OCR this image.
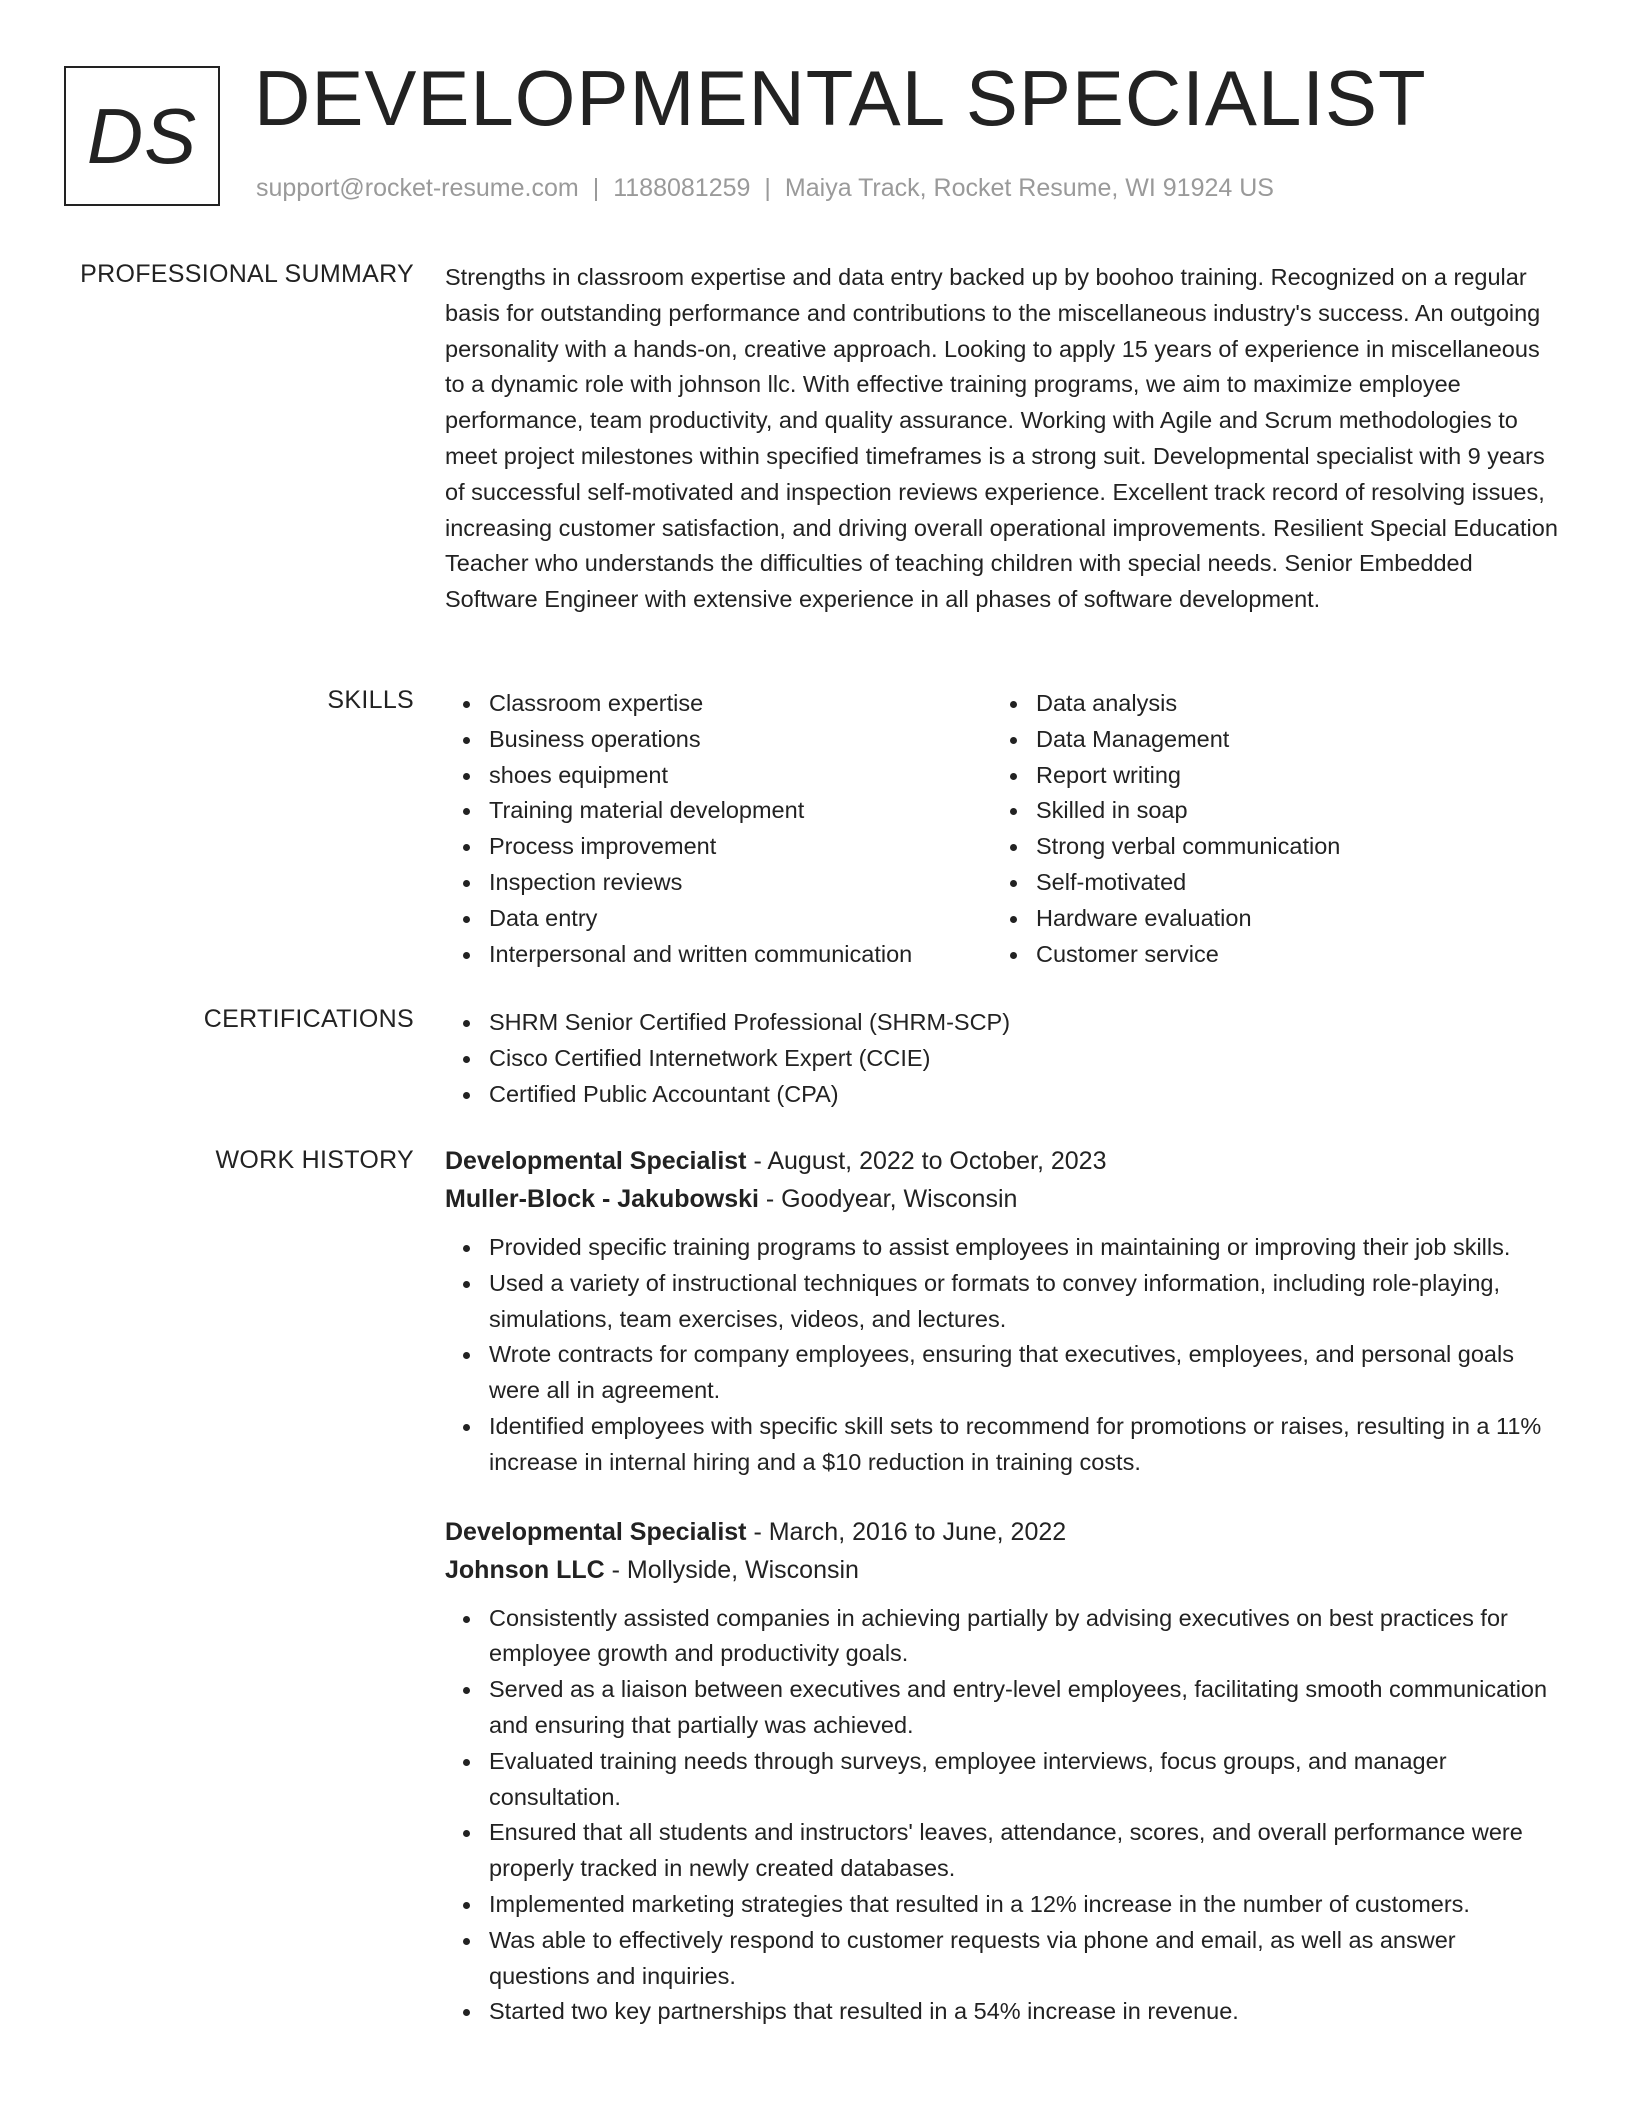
DS DEVELOPMENTAL SPECIALIST
support@rocket-resume.com | 1188081259 | Maiya Track, Rocket Resume, WI 91924 US
PROFESSIONAL SUMMARY Strengths in classroom expertise and data entry backed up by boohoo training. Recognized on a regular basis for outstanding performance and contributions to the miscellaneous industry's success. An outgoing personality with a hands-on, creative approach. Looking to apply 15 years of experience in miscellaneous to a dynamic role with johnson llc. With effective training programs, we aim to maximize employee performance, team productivity, and quality assurance. Working with Agile and Scrum methodologies to meet project milestones within specified timeframes is a strong suit. Developmental specialist with 9 years of successful self-motivated and inspection reviews experience. Excellent track record of resolving issues, increasing customer satisfaction, and driving overall operational improvements. Resilient Special Education Teacher who understands the difficulties of teaching children with special needs. Senior Embedded Software Engineer with extensive experience in all phases of software development.

SKILLS	Classroom expertise
Business operations
shoes equipment
Training material development
Process improvement
Inspection reviews
Data entry
Interpersonal and written communication
Data analysis
Data Management
Report writing
Skilled in soap
Strong verbal communication
Self-motivated
Hardware evaluation
Customer service
CERTIFICATIONS	SHRM Senior Certified Professional (SHRM-SCP)
Cisco Certified Internetwork Expert (CCIE)
Certified Public Accountant (CPA)
WORK HISTORY Developmental Specialist - August, 2022 to October, 2023
Muller-Block - Jakubowski - Goodyear, Wisconsin
Provided specific training programs to assist employees in maintaining or improving their job skills.
Used a variety of instructional techniques or formats to convey information, including role-playing, simulations, team exercises, videos, and lectures.
Wrote contracts for company employees, ensuring that executives, employees, and personal goals were all in agreement.
Identified employees with specific skill sets to recommend for promotions or raises, resulting in a 11% increase in internal hiring and a $10 reduction in training costs.
Developmental Specialist - March, 2016 to June, 2022
Johnson LLC - Mollyside, Wisconsin
Consistently assisted companies in achieving partially by advising executives on best practices for employee growth and productivity goals.
Served as a liaison between executives and entry-level employees, facilitating smooth communication and ensuring that partially was achieved.
Evaluated training needs through surveys, employee interviews, focus groups, and manager consultation.
Ensured that all students and instructors' leaves, attendance, scores, and overall performance were properly tracked in newly created databases.
Implemented marketing strategies that resulted in a 12% increase in the number of customers.
Was able to effectively respond to customer requests via phone and email, as well as answer questions and inquiries.
Started two key partnerships that resulted in a 54% increase in revenue.
